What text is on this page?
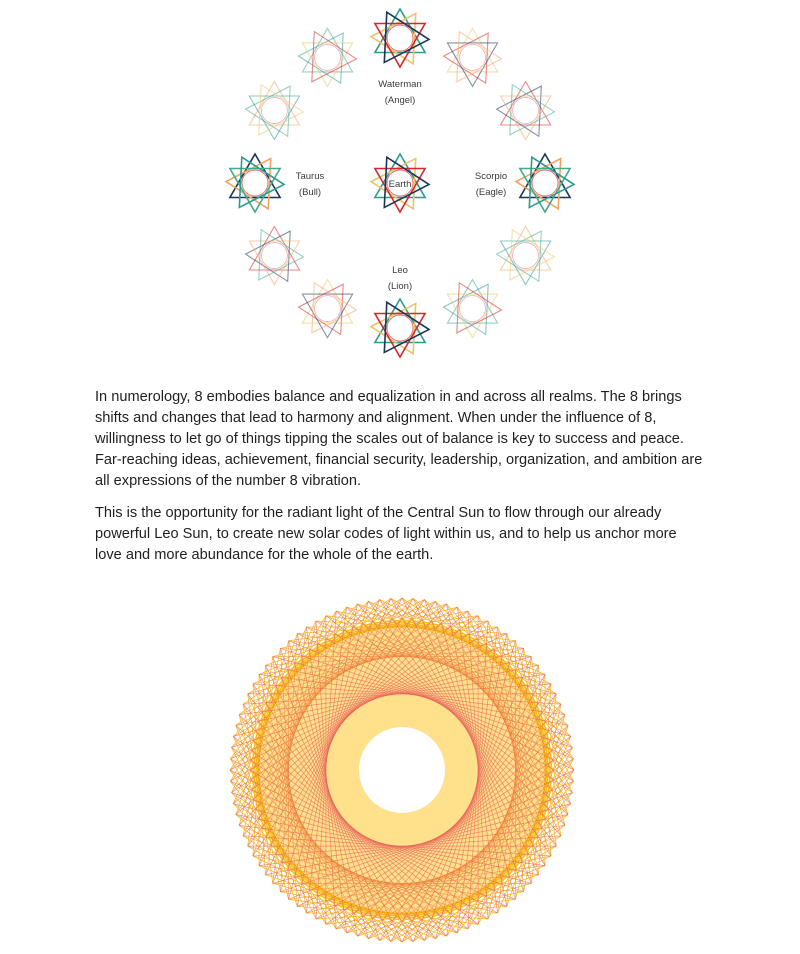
Earth
Waterman
(Angel)
Taurus
(Bull)
Scorpio
(Eagle)
Leo
(Lion)

In numerology, 8 embodies balance and equalization in and across all realms. The 8 brings shifts and changes that lead to harmony and alignment. When under the influence of 8, willingness to let go of things tipping the scales out of balance is key to success and peace. Far-reaching ideas, achievement, financial security, leadership, organization, and ambition are all expressions of the number 8 vibration.

This is the opportunity for the radiant light of the Central Sun to flow through our already powerful Leo Sun, to create new solar codes of light within us, and to help us anchor more love and more abundance for the whole of the earth.
